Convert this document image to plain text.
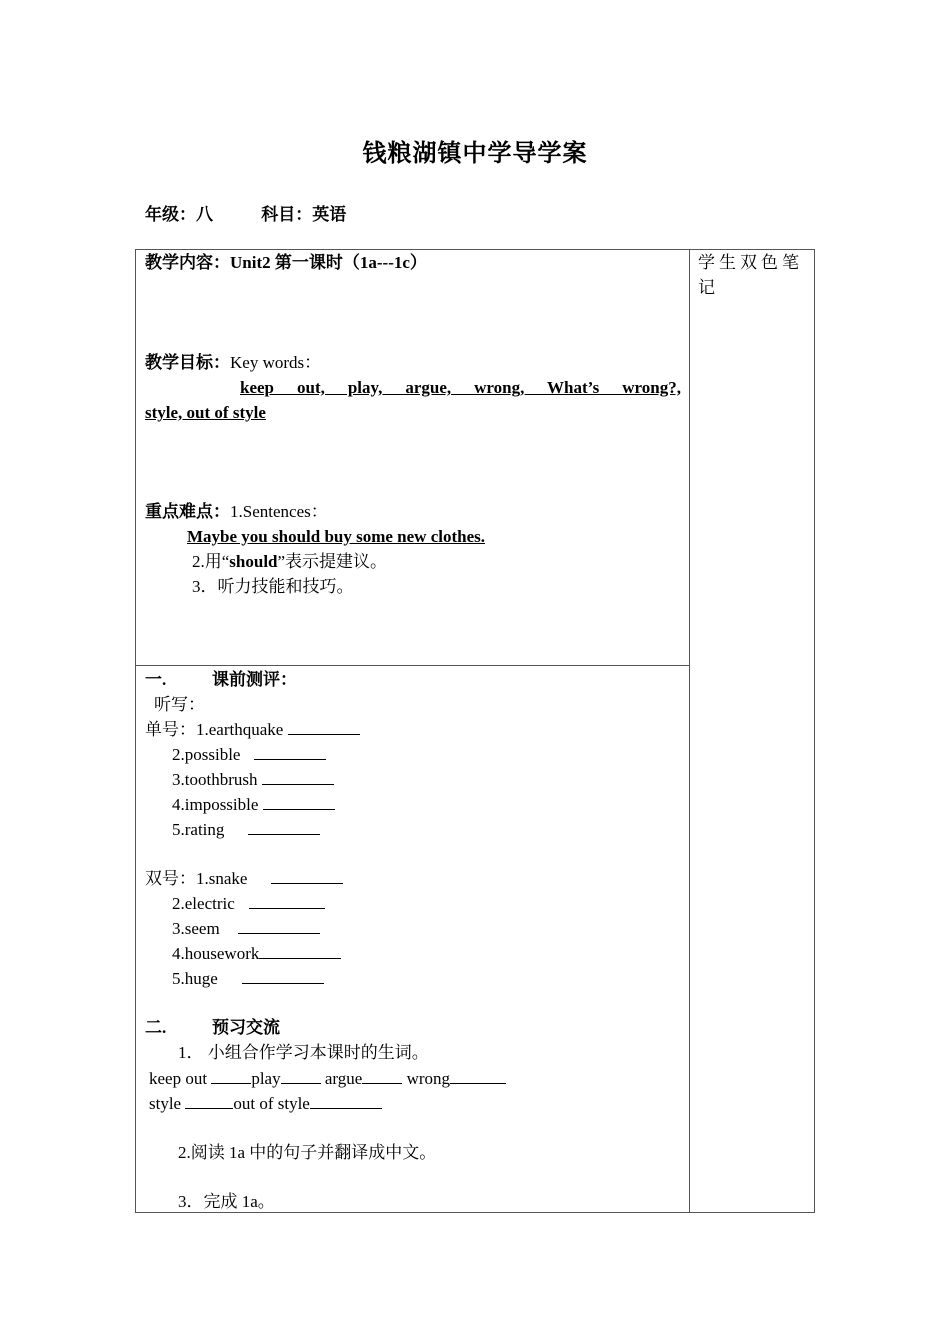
钱粮湖镇中学导学案
年级：八	科目：英语
学生双色笔记
教学内容：Unit2 第一课时（1a---1c）
教学目标：Key words：
keep out, play, argue, wrong, What’s wrong?,
style, out of style
重点难点：1.Sentences：
Maybe you should buy some new clothes.
2.用“should”表示提建议。
3．听力技能和技巧。
一.	课前测评：
听写：
单号：1.earthquake
2.possible
3.toothbrush
4.impossible
5.rating
双号：1.snake
2.electric
3.seem
4.housework
5.huge
二.	预习交流
1． 小组合作学习本课时的生词。
keep out	play	argue	wrong
style	out of style
2.阅读 1a 中的句子并翻译成中文。
3．完成 1a。
